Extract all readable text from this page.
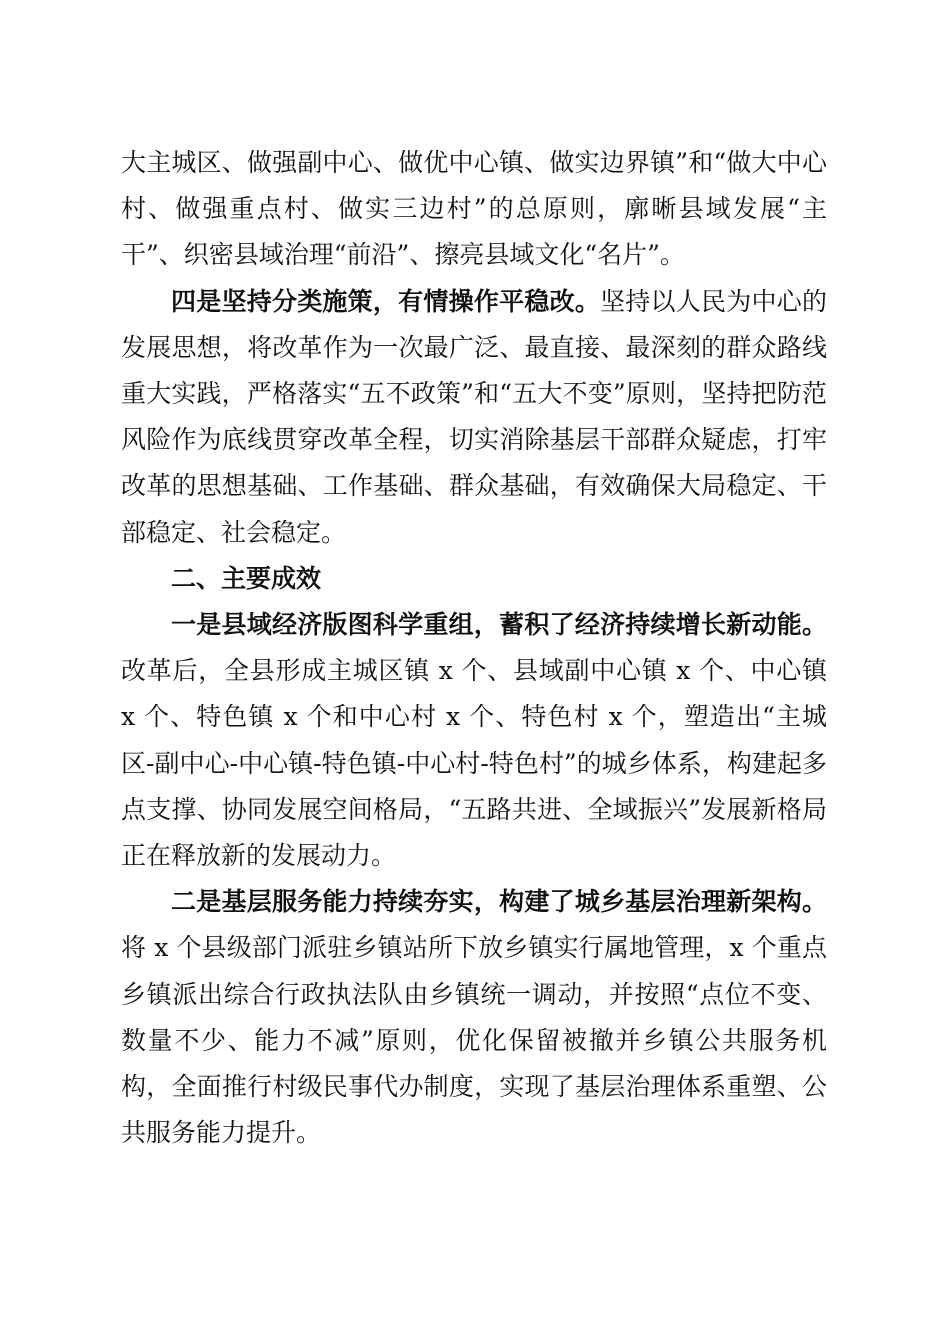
大主城区、做强副中心、做优中心镇、做实边界镇”和“做大中心村、做强重点村、做实三边村”的总原则，廓晰县域发展“主干”、织密县域治理“前沿”、擦亮县域文化“名片”。

四是坚持分类施策，有情操作平稳改。坚持以人民为中心的发展思想，将改革作为一次最广泛、最直接、最深刻的群众路线重大实践，严格落实“五不政策”和“五大不变”原则，坚持把防范风险作为底线贯穿改革全程，切实消除基层干部群众疑虑，打牢改革的思想基础、工作基础、群众基础，有效确保大局稳定、干部稳定、社会稳定。

二、主要成效

一是县域经济版图科学重组，蓄积了经济持续增长新动能。改革后，全县形成主城区镇 x 个、县域副中心镇 x 个、中心镇 x 个、特色镇 x 个和中心村 x 个、特色村 x 个，塑造出“主城区-副中心-中心镇-特色镇-中心村-特色村”的城乡体系，构建起多点支撑、协同发展空间格局，“五路共进、全域振兴”发展新格局正在释放新的发展动力。

二是基层服务能力持续夯实，构建了城乡基层治理新架构。将 x 个县级部门派驻乡镇站所下放乡镇实行属地管理，x 个重点乡镇派出综合行政执法队由乡镇统一调动，并按照“点位不变、数量不少、能力不减”原则，优化保留被撤并乡镇公共服务机构，全面推行村级民事代办制度，实现了基层治理体系重塑、公共服务能力提升。
